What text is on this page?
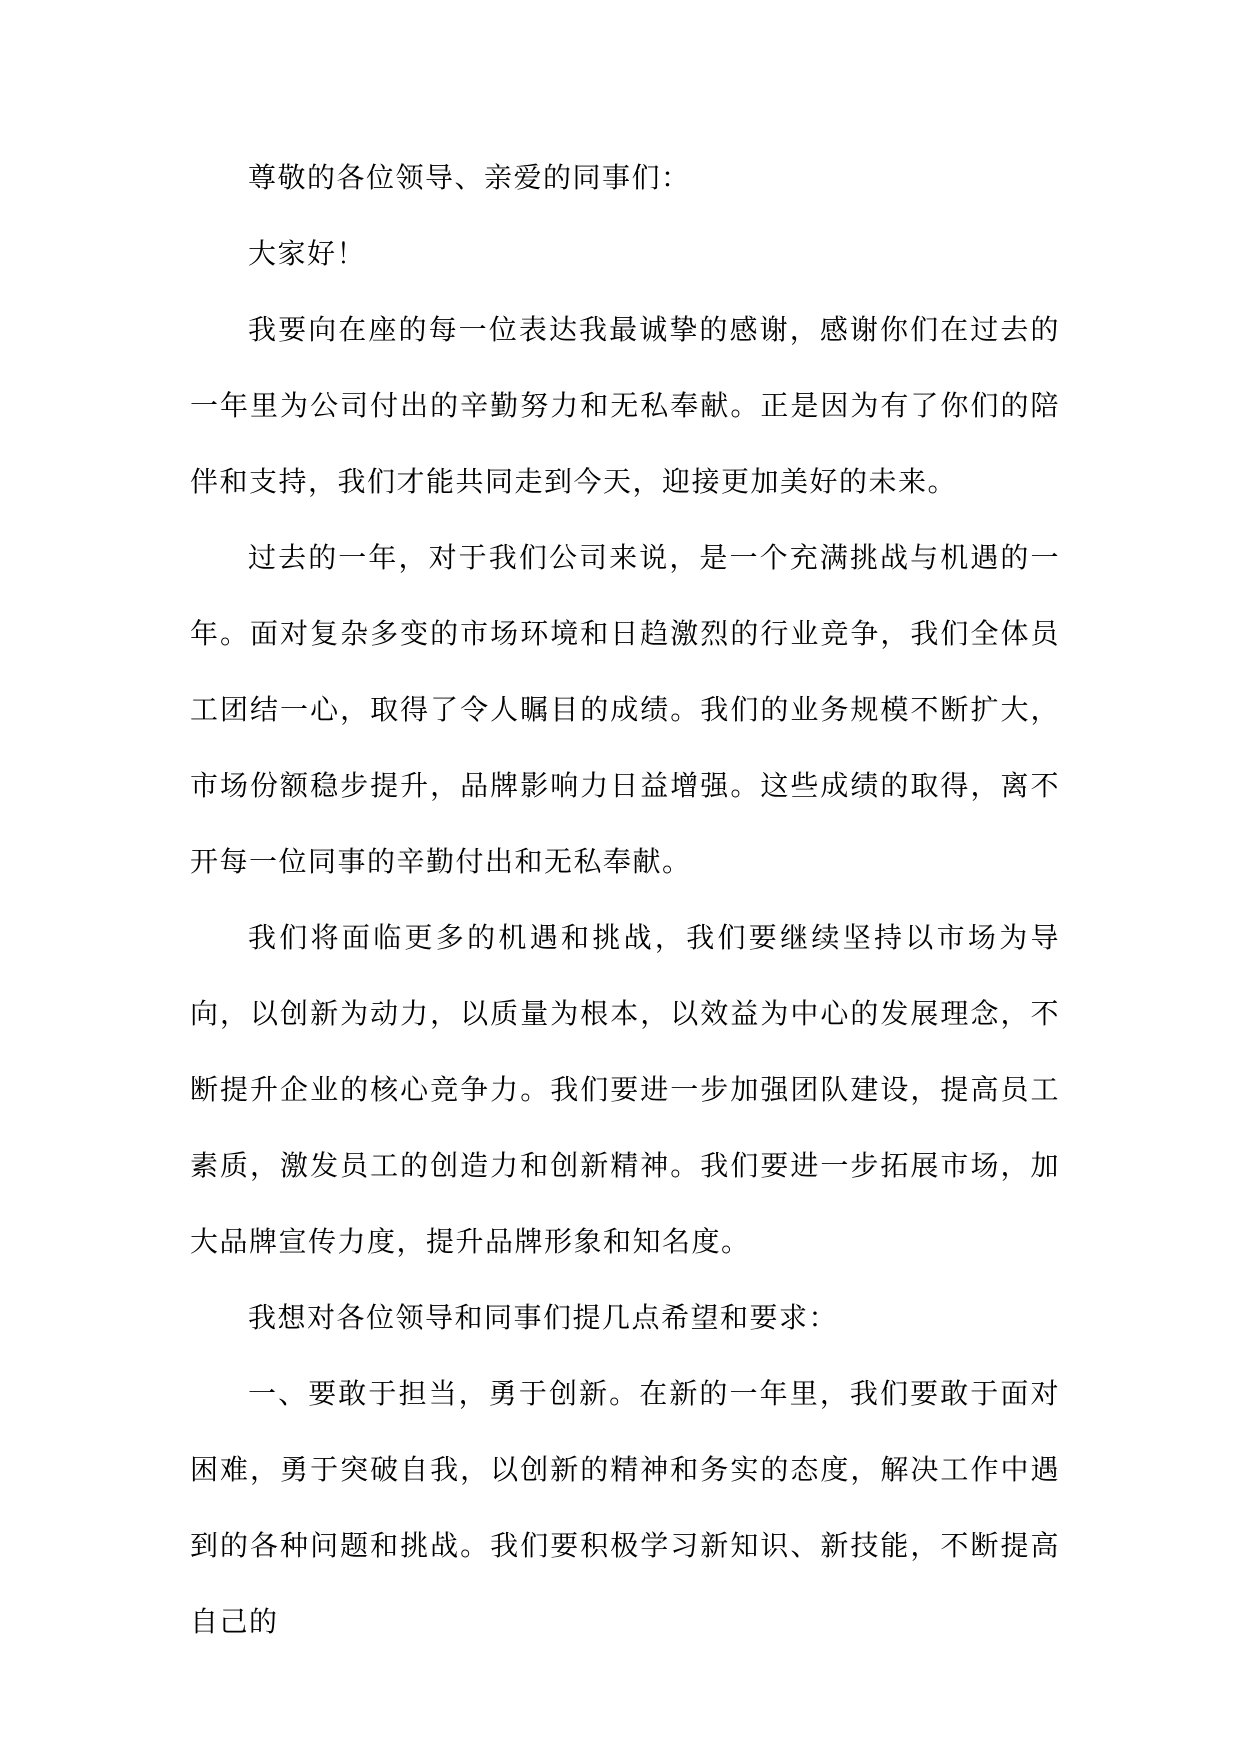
尊敬的各位领导、亲爱的同事们：

大家好！

我要向在座的每一位表达我最诚挚的感谢，感谢你们在过去的一年里为公司付出的辛勤努力和无私奉献。正是因为有了你们的陪伴和支持，我们才能共同走到今天，迎接更加美好的未来。

过去的一年，对于我们公司来说，是一个充满挑战与机遇的一年。面对复杂多变的市场环境和日趋激烈的行业竞争，我们全体员工团结一心，取得了令人瞩目的成绩。我们的业务规模不断扩大，市场份额稳步提升，品牌影响力日益增强。这些成绩的取得，离不开每一位同事的辛勤付出和无私奉献。

我们将面临更多的机遇和挑战，我们要继续坚持以市场为导向，以创新为动力，以质量为根本，以效益为中心的发展理念，不断提升企业的核心竞争力。我们要进一步加强团队建设，提高员工素质，激发员工的创造力和创新精神。我们要进一步拓展市场，加大品牌宣传力度，提升品牌形象和知名度。

我想对各位领导和同事们提几点希望和要求：

一、要敢于担当，勇于创新。在新的一年里，我们要敢于面对困难，勇于突破自我，以创新的精神和务实的态度，解决工作中遇到的各种问题和挑战。我们要积极学习新知识、新技能，不断提高自己的
